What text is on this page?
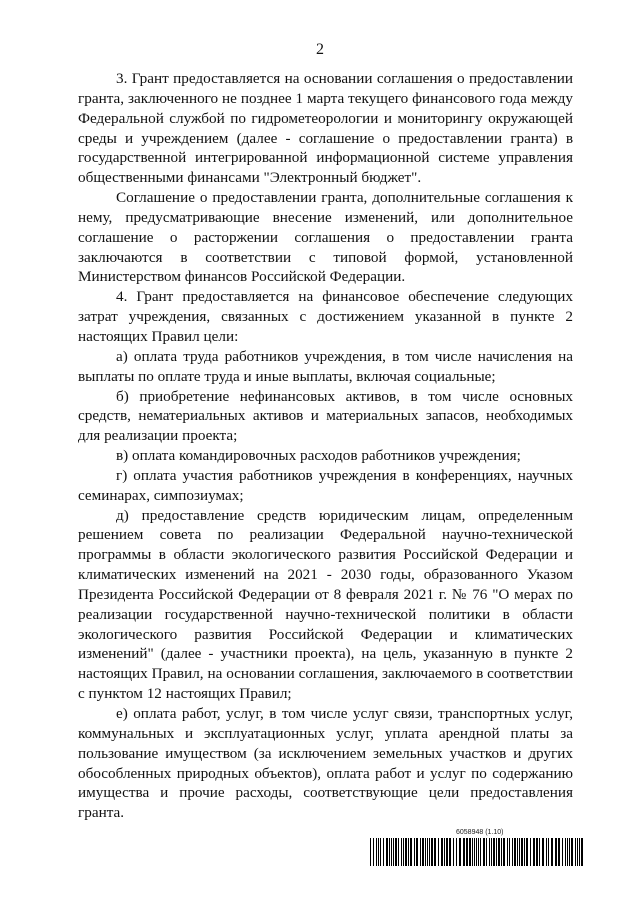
2

3. Грант предоставляется на основании соглашения о предоставлении гранта, заключенного не позднее 1 марта текущего финансового года между Федеральной службой по гидрометеорологии и мониторингу окружающей среды и учреждением (далее - соглашение о предоставлении гранта) в государственной интегрированной информационной системе управления общественными финансами "Электронный бюджет".

Соглашение о предоставлении гранта, дополнительные соглашения к нему, предусматривающие внесение изменений, или дополнительное соглашение о расторжении соглашения о предоставлении гранта заключаются в соответствии с типовой формой, установленной Министерством финансов Российской Федерации.

4. Грант предоставляется на финансовое обеспечение следующих затрат учреждения, связанных с достижением указанной в пункте 2 настоящих Правил цели:

а) оплата труда работников учреждения, в том числе начисления на выплаты по оплате труда и иные выплаты, включая социальные;

б) приобретение нефинансовых активов, в том числе основных средств, нематериальных активов и материальных запасов, необходимых для реализации проекта;

в) оплата командировочных расходов работников учреждения;

г) оплата участия работников учреждения в конференциях, научных семинарах, симпозиумах;

д) предоставление средств юридическим лицам, определенным решением совета по реализации Федеральной научно-технической программы в области экологического развития Российской Федерации и климатических изменений на 2021 - 2030 годы, образованного Указом Президента Российской Федерации от 8 февраля 2021 г. № 76 "О мерах по реализации государственной научно-технической политики в области экологического развития Российской Федерации и климатических изменений" (далее - участники проекта), на цель, указанную в пункте 2 настоящих Правил, на основании соглашения, заключаемого в соответствии с пунктом 12 настоящих Правил;

е) оплата работ, услуг, в том числе услуг связи, транспортных услуг, коммунальных и эксплуатационных услуг, уплата арендной платы за пользование имуществом (за исключением земельных участков и других обособленных природных объектов), оплата работ и услуг по содержанию имущества и прочие расходы, соответствующие цели предоставления гранта.

6058948 (1.10)
